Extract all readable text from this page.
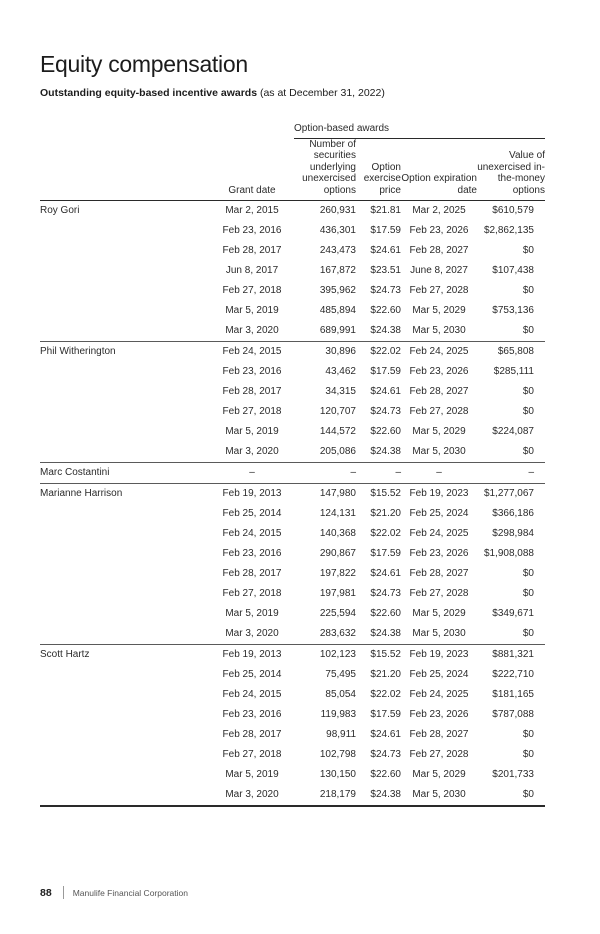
Equity compensation

Outstanding equity-based incentive awards (as at December 31, 2022)

		Option-based awards			
	Grant date	Number of securities underlying unexercised options	Option exercise price	Option expiration date	Value of unexercised in-the-money options
Roy Gori	Mar 2, 2015	260,931	$21.81	Mar 2, 2025	$610,579
	Feb 23, 2016	436,301	$17.59	Feb 23, 2026	$2,862,135
	Feb 28, 2017	243,473	$24.61	Feb 28, 2027	$0
	Jun 8, 2017	167,872	$23.51	June 8, 2027	$107,438
	Feb 27, 2018	395,962	$24.73	Feb 27, 2028	$0
	Mar 5, 2019	485,894	$22.60	Mar 5, 2029	$753,136
	Mar 3, 2020	689,991	$24.38	Mar 5, 2030	$0
Phil Witherington	Feb 24, 2015	30,896	$22.02	Feb 24, 2025	$65,808
	Feb 23, 2016	43,462	$17.59	Feb 23, 2026	$285,111
	Feb 28, 2017	34,315	$24.61	Feb 28, 2027	$0
	Feb 27, 2018	120,707	$24.73	Feb 27, 2028	$0
	Mar 5, 2019	144,572	$22.60	Mar 5, 2029	$224,087
	Mar 3, 2020	205,086	$24.38	Mar 5, 2030	$0
Marc Costantini	–	–	–	–	–
Marianne Harrison	Feb 19, 2013	147,980	$15.52	Feb 19, 2023	$1,277,067
	Feb 25, 2014	124,131	$21.20	Feb 25, 2024	$366,186
	Feb 24, 2015	140,368	$22.02	Feb 24, 2025	$298,984
	Feb 23, 2016	290,867	$17.59	Feb 23, 2026	$1,908,088
	Feb 28, 2017	197,822	$24.61	Feb 28, 2027	$0
	Feb 27, 2018	197,981	$24.73	Feb 27, 2028	$0
	Mar 5, 2019	225,594	$22.60	Mar 5, 2029	$349,671
	Mar 3, 2020	283,632	$24.38	Mar 5, 2030	$0
Scott Hartz	Feb 19, 2013	102,123	$15.52	Feb 19, 2023	$881,321
	Feb 25, 2014	75,495	$21.20	Feb 25, 2024	$222,710
	Feb 24, 2015	85,054	$22.02	Feb 24, 2025	$181,165
	Feb 23, 2016	119,983	$17.59	Feb 23, 2026	$787,088
	Feb 28, 2017	98,911	$24.61	Feb 28, 2027	$0
	Feb 27, 2018	102,798	$24.73	Feb 27, 2028	$0
	Mar 5, 2019	130,150	$22.60	Mar 5, 2029	$201,733
	Mar 3, 2020	218,179	$24.38	Mar 5, 2030	$0
88 Manulife Financial Corporation
